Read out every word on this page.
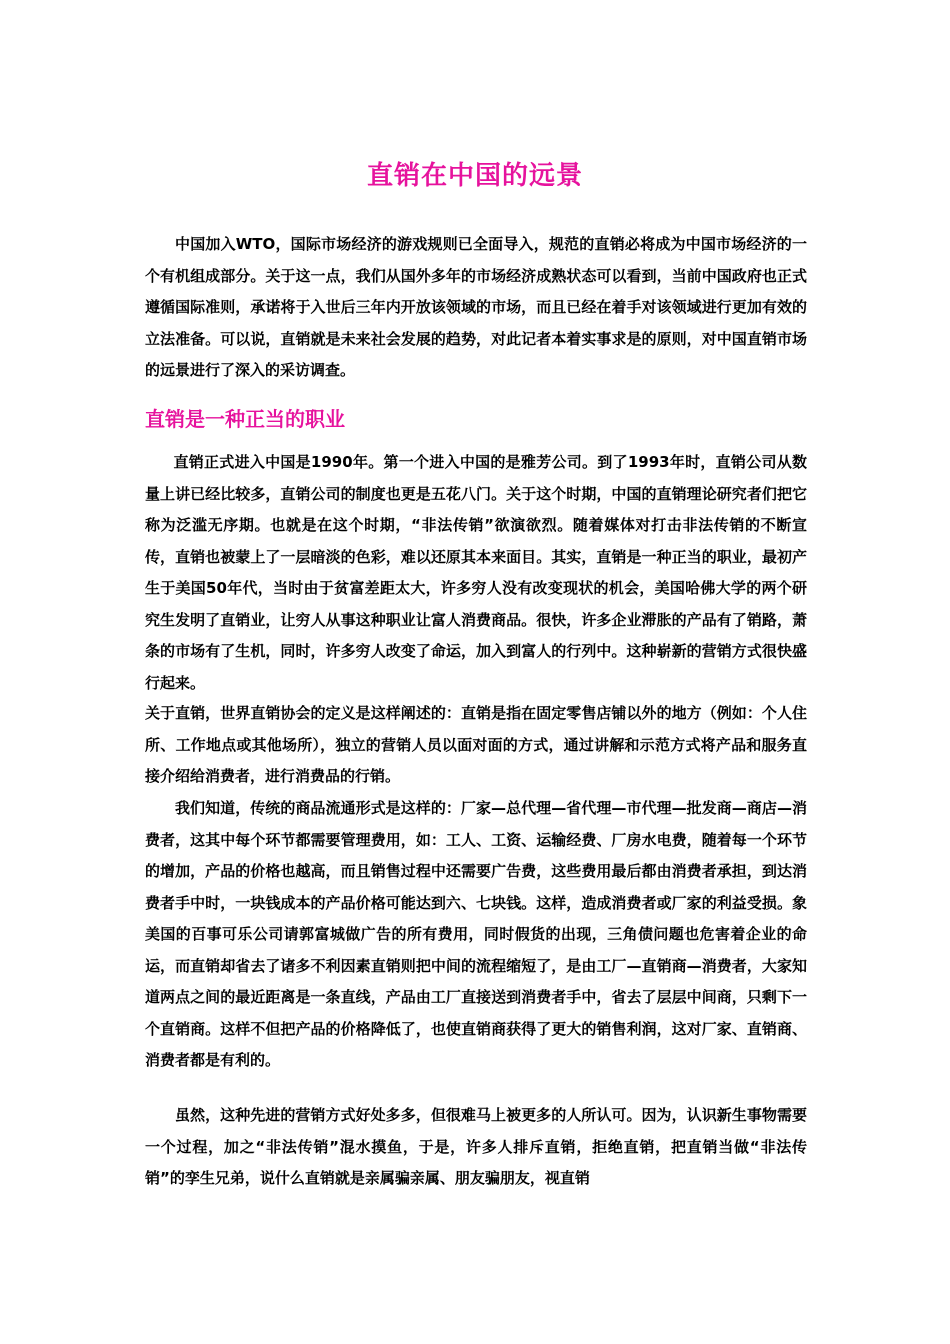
直销在中国的远景
中国加入WTO，国际市场经济的游戏规则已全面导入，规范的直销必将成为中国市场经济的一个有机组成部分。关于这一点，我们从国外多年的市场经济成熟状态可以看到，当前中国政府也正式遵循国际准则，承诺将于入世后三年内开放该领域的市场，而且已经在着手对该领域进行更加有效的立法准备。可以说，直销就是未来社会发展的趋势，对此记者本着实事求是的原则，对中国直销市场的远景进行了深入的采访调查。
直销是一种正当的职业
直销正式进入中国是1990年。第一个进入中国的是雅芳公司。到了1993年时，直销公司从数量上讲已经比较多，直销公司的制度也更是五花八门。关于这个时期，中国的直销理论研究者们把它称为泛滥无序期。也就是在这个时期，“非法传销”欲演欲烈。随着媒体对打击非法传销的不断宣传，直销也被蒙上了一层暗淡的色彩，难以还原其本来面目。其实，直销是一种正当的职业，最初产生于美国50年代，当时由于贫富差距太大，许多穷人没有改变现状的机会，美国哈佛大学的两个研究生发明了直销业，让穷人从事这种职业让富人消费商品。很快，许多企业滞胀的产品有了销路，萧条的市场有了生机，同时，许多穷人改变了命运，加入到富人的行列中。这种崭新的营销方式很快盛行起来。
关于直销，世界直销协会的定义是这样阐述的：直销是指在固定零售店铺以外的地方（例如：个人住所、工作地点或其他场所），独立的营销人员以面对面的方式，通过讲解和示范方式将产品和服务直接介绍给消费者，进行消费品的行销。
我们知道，传统的商品流通形式是这样的：厂家—总代理—省代理—市代理—批发商—商店—消费者，这其中每个环节都需要管理费用，如：工人、工资、运输经费、厂房水电费，随着每一个环节的增加，产品的价格也越高，而且销售过程中还需要广告费，这些费用最后都由消费者承担，到达消费者手中时，一块钱成本的产品价格可能达到六、七块钱。这样，造成消费者或厂家的利益受损。象美国的百事可乐公司请郭富城做广告的所有费用，同时假货的出现，三角债问题也危害着企业的命运，而直销却省去了诸多不利因素直销则把中间的流程缩短了，是由工厂—直销商—消费者，大家知道两点之间的最近距离是一条直线，产品由工厂直接送到消费者手中，省去了层层中间商，只剩下一个直销商。这样不但把产品的价格降低了，也使直销商获得了更大的销售利润，这对厂家、直销商、消费者都是有利的。
虽然，这种先进的营销方式好处多多，但很难马上被更多的人所认可。因为，认识新生事物需要一个过程，加之“非法传销”混水摸鱼，于是，许多人排斥直销，拒绝直销，把直销当做“非法传销”的孪生兄弟，说什么直销就是亲属骗亲属、朋友骗朋友，视直销
